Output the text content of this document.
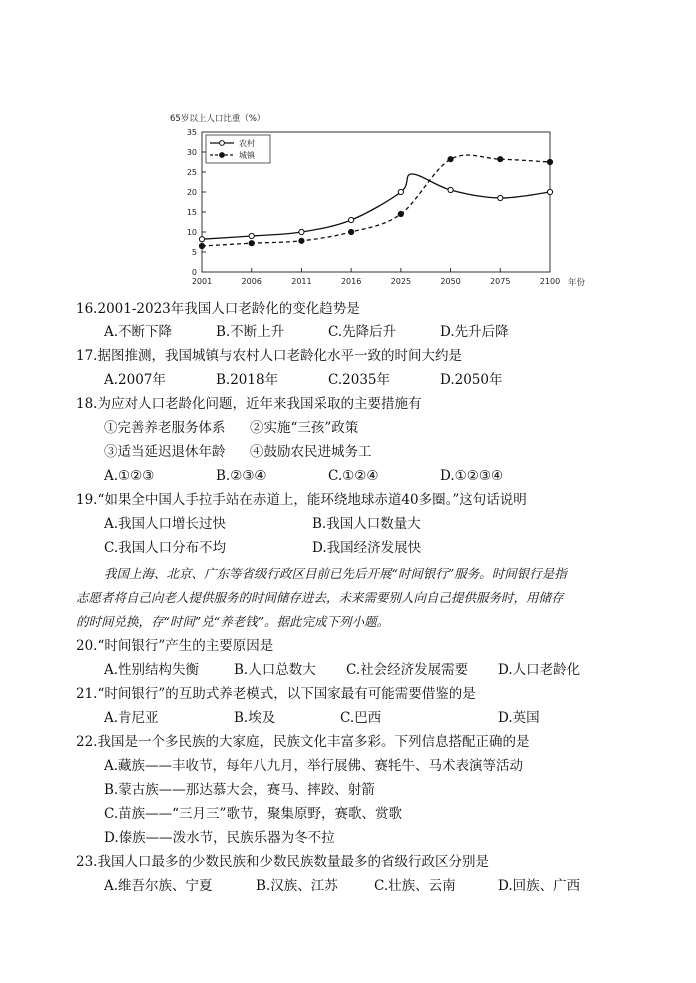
65岁以上人口比重（%）
年份
0
5
10
15
20
25
30
35
2001	2006	2011	2016	2025	2050	2075	2100
农村
城镇
16.2001-2023年我国人口老龄化的变化趋势是
A.不断下降	B.不断上升	C.先降后升	D.先升后降
17.据图推测，我国城镇与农村人口老龄化水平一致的时间大约是
A.2007年	B.2018年	C.2035年	D.2050年
18.为应对人口老龄化问题，近年来我国采取的主要措施有
①完善养老服务体系 ②实施“三孩”政策
③适当延迟退休年龄 ④鼓励农民进城务工
A.①②③	B.②③④	C.①②④	D.①②③④
19.“如果全中国人手拉手站在赤道上，能环绕地球赤道40多圈。”这句话说明
A.我国人口增长过快	B.我国人口数量大
C.我国人口分布不均	D.我国经济发展快
我国上海、北京、广东等省级行政区目前已先后开展“时间银行”服务。时间银行是指
志愿者将自己向老人提供服务的时间储存进去，未来需要别人向自己提供服务时，用储存
的时间兑换，存“时间”兑“养老钱”。据此完成下列小题。
20.“时间银行”产生的主要原因是
A.性别结构失衡	B.人口总数大 C.社会经济发展需要 D.人口老龄化
21.“时间银行”的互助式养老模式，以下国家最有可能需要借鉴的是
A.肯尼亚	B.埃及	C.巴西	D.英国
22.我国是一个多民族的大家庭，民族文化丰富多彩。下列信息搭配正确的是
A.藏族——丰收节，每年八九月，举行展佛、赛牦牛、马术表演等活动
B.蒙古族——那达慕大会，赛马、摔跤、射箭
C.苗族——“三月三”歌节，聚集原野，赛歌、赏歌
D.傣族——泼水节，民族乐器为冬不拉
23.我国人口最多的少数民族和少数民族数量最多的省级行政区分别是
A.维吾尔族、宁夏	B.汉族、江苏	C.壮族、云南	D.回族、广西
